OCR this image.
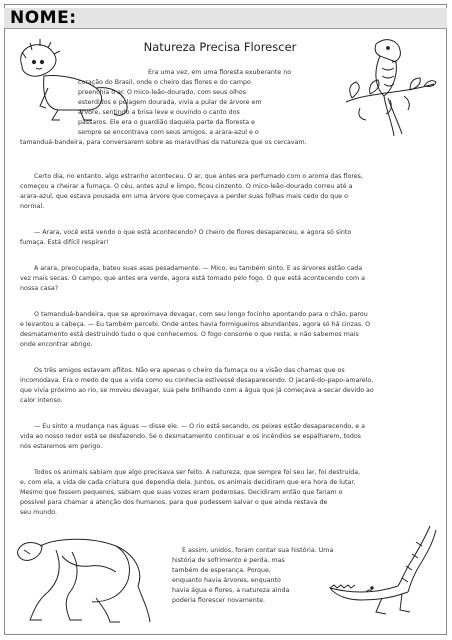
NOME:
Natureza Precisa Florescer
Era uma vez, em uma floresta exuberante no
coração do Brasil, onde o cheiro das flores e do campo
preenchia o ar. O mico-leão-dourado, com seus olhos
esterdidos e pelagem dourada, vivia a pular de árvore em
árvore, sentindo a brisa leve e ouvindo o canto dos
pássaros. Ele era o guardião daquela parte da floresta e
sempre se encontrava com seus amigos, a arara-azul e o
tamanduá-bandeira, para conversarem sobre as maravilhas da natureza que os cercavam.
Certo dia, no entanto, algo estranho aconteceu. O ar, que antes era perfumado com o aroma das flores,
começou a cheirar a fumaça. O céu, antes azul e limpo, ficou cinzento. O mico-leão-dourado correu até a
arara-azul, que estava pousada em uma árvore que começava a perder suas folhas mais cedo do que o
normal.
— Arara, você está vendo o que está acontecendo? O cheiro de flores desapareceu, e agora só sinto
fumaça. Está difícil respirar!
A arara, preocupada, bateu suas asas pesadamente. — Mico, eu também sinto. E as árvores estão cada
vez mais secas. O campo, que antes era verde, agora está tomado pelo fogo. O que está acontecendo com a
nossa casa?
O tamanduá-bandeira, que se aproximava devagar, com seu longo focinho apontando para o chão, parou
e levantou a cabeça. — Eu também percebi. Onde antes havia formigueiros abundantes, agora só há cinzas. O
desmatamento está destruindo tudo o que conhecemos. O fogo consome o que resta, e não sabemos mais
onde encontrar abrigo.
Os três amigos estavam aflitos. Não era apenas o cheiro da fumaça ou a visão das chamas que os
incomodava. Era o medo de que a vida como eu conhecia estivessé desaparecendo. O jacaré-do-papo-amarelo,
que vivia próximo ao rio, se moveu devagar, sua pele brilhando com a água que já começava a secar devido ao
calor intenso.
— Eu sinto a mudança nas águas — disse ele. — O rio está secando, os peixes estão desaparecendo, e a
vida ao nosso redor está se desfazendo. Se o desmatamento continuar e os incêndios se espalharem, todos
nós estaremos em perigo.
Todos os animais sabiam que algo precisava ser feito. A natureza, que sempre foi seu lar, foi destruída,
e, com ela, a vida de cada criatura que dependia dela. Juntos, os animais decidiram que era hora de lutar.
Mesmo que fossem pequenos, sabiam que suas vozes eram poderosas. Decidiram então que fariam o
possível para chamar a atenção dos humanos, para que pudessem salvar o que ainda restava de
seu mundo.
E assim, unidos, foram contar sua história. Uma
história de sofrimento e perda, mas
também de esperança. Porque,
enquanto havia árvores, enquanto
havia água e flores, a natureza ainda
poderia florescer novamente.
